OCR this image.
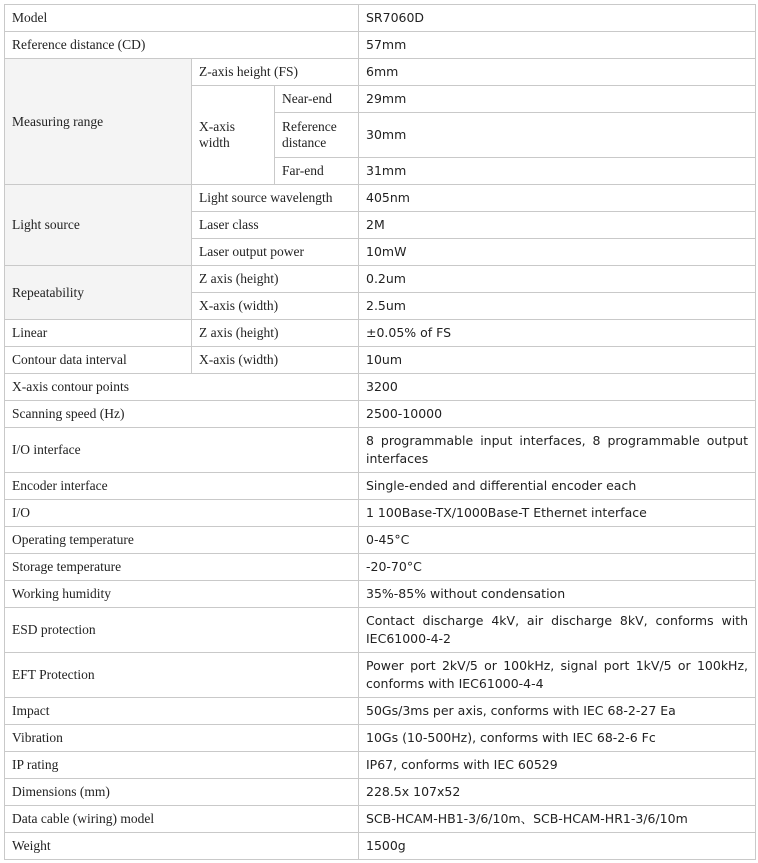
Model			SR7060D
Reference distance (CD)			57mm
Measuring range	Z-axis height (FS)		6mm
	X-axis width	Near-end	29mm
		Reference distance	30mm
		Far-end	31mm
Light source	Light source wavelength		405nm
	Laser class		2M
	Laser output power		10mW
Repeatability	Z axis (height)		0.2um
	X-axis (width)		2.5um
Linear	Z axis (height)		±0.05% of FS
Contour data interval	X-axis (width)		10um
X-axis contour points			3200
Scanning speed (Hz)			2500-10000
I/O interface			8 programmable input interfaces, 8 programmable output interfaces
Encoder interface			Single-ended and differential encoder each
I/O			1 100Base-TX/1000Base-T Ethernet interface
Operating temperature			0-45°C
Storage temperature			-20-70°C
Working humidity			35%-85% without condensation
ESD protection			Contact discharge 4kV, air discharge 8kV, conforms with IEC61000-4-2
EFT Protection			Power port 2kV/5 or 100kHz, signal port 1kV/5 or 100kHz, conforms with IEC61000-4-4
Impact			50Gs/3ms per axis, conforms with IEC 68-2-27 Ea
Vibration			10Gs (10-500Hz), conforms with IEC 68-2-6 Fc
IP rating			IP67, conforms with IEC 60529
Dimensions (mm)			228.5x 107x52
Data cable (wiring) model			SCB-HCAM-HB1-3/6/10m、SCB-HCAM-HR1-3/6/10m
Weight			1500g
